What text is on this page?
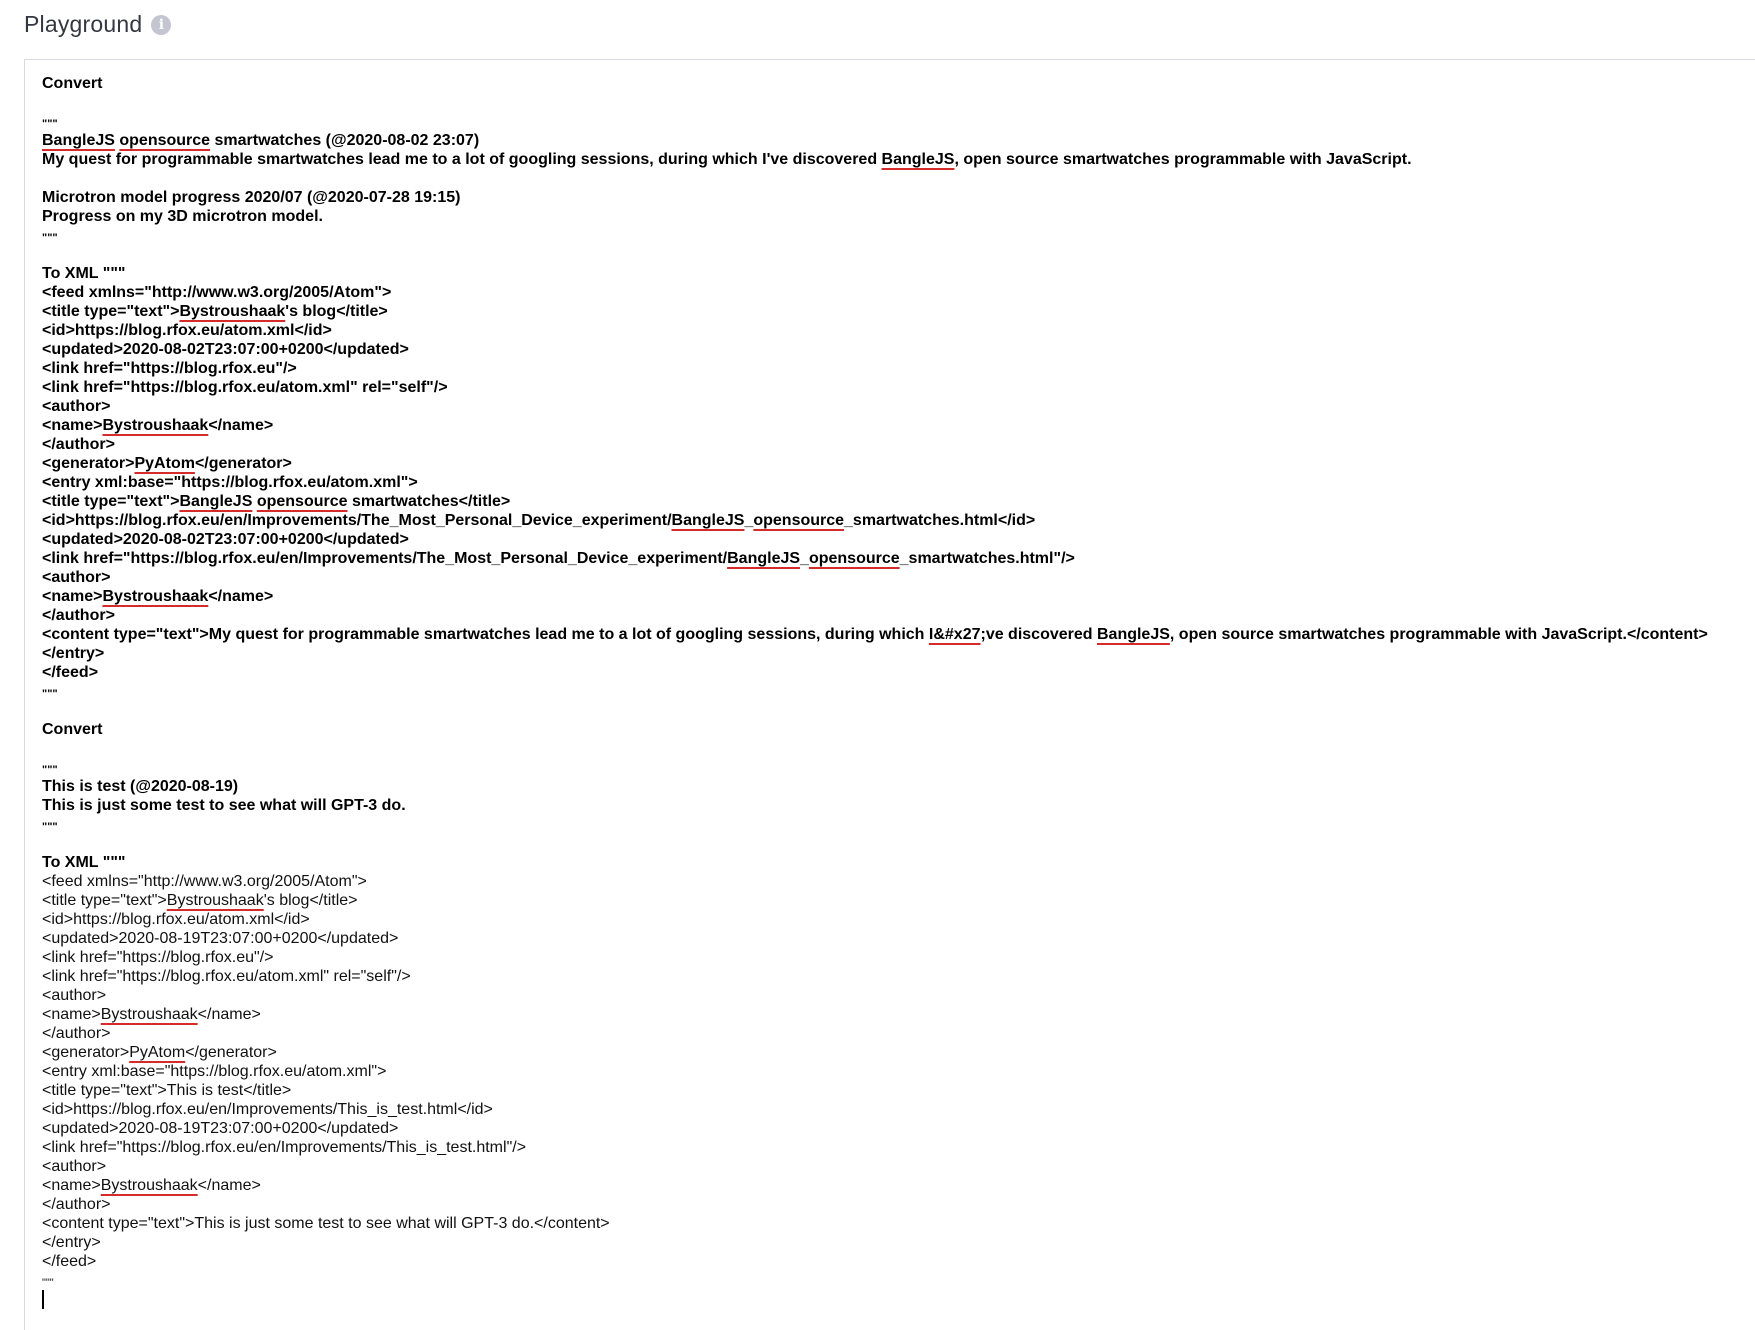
Playground	i
Convert

"""
BangleJS opensource smartwatches (@2020-08-02 23:07)
My quest for programmable smartwatches lead me to a lot of googling sessions, during which I've discovered BangleJS, open source smartwatches programmable with JavaScript.

Microtron model progress 2020/07 (@2020-07-28 19:15)
Progress on my 3D microtron model.
"""

To XML """
<feed xmlns="http://www.w3.org/2005/Atom">
<title type="text">Bystroushaak's blog</title>
<id>https://blog.rfox.eu/atom.xml</id>
<updated>2020-08-02T23:07:00+0200</updated>
<link href="https://blog.rfox.eu"/>
<link href="https://blog.rfox.eu/atom.xml" rel="self"/>
<author>
<name>Bystroushaak</name>
</author>
<generator>PyAtom</generator>
<entry xml:base="https://blog.rfox.eu/atom.xml">
<title type="text">BangleJS opensource smartwatches</title>
<id>https://blog.rfox.eu/en/Improvements/The_Most_Personal_Device_experiment/BangleJS_opensource_smartwatches.html</id>
<updated>2020-08-02T23:07:00+0200</updated>
<link href="https://blog.rfox.eu/en/Improvements/The_Most_Personal_Device_experiment/BangleJS_opensource_smartwatches.html"/>
<author>
<name>Bystroushaak</name>
</author>
<content type="text">My quest for programmable smartwatches lead me to a lot of googling sessions, during which I&#x27;ve discovered BangleJS, open source smartwatches programmable with JavaScript.</content>
</entry>
</feed>
"""

Convert

"""
This is test (@2020-08-19)
This is just some test to see what will GPT-3 do.
"""

To XML """
<feed xmlns="http://www.w3.org/2005/Atom">
<title type="text">Bystroushaak's blog</title>
<id>https://blog.rfox.eu/atom.xml</id>
<updated>2020-08-19T23:07:00+0200</updated>
<link href="https://blog.rfox.eu"/>
<link href="https://blog.rfox.eu/atom.xml" rel="self"/>
<author>
<name>Bystroushaak</name>
</author>
<generator>PyAtom</generator>
<entry xml:base="https://blog.rfox.eu/atom.xml">
<title type="text">This is test</title>
<id>https://blog.rfox.eu/en/Improvements/This_is_test.html</id>
<updated>2020-08-19T23:07:00+0200</updated>
<link href="https://blog.rfox.eu/en/Improvements/This_is_test.html"/>
<author>
<name>Bystroushaak</name>
</author>
<content type="text">This is just some test to see what will GPT-3 do.</content>
</entry>
</feed>
"""
